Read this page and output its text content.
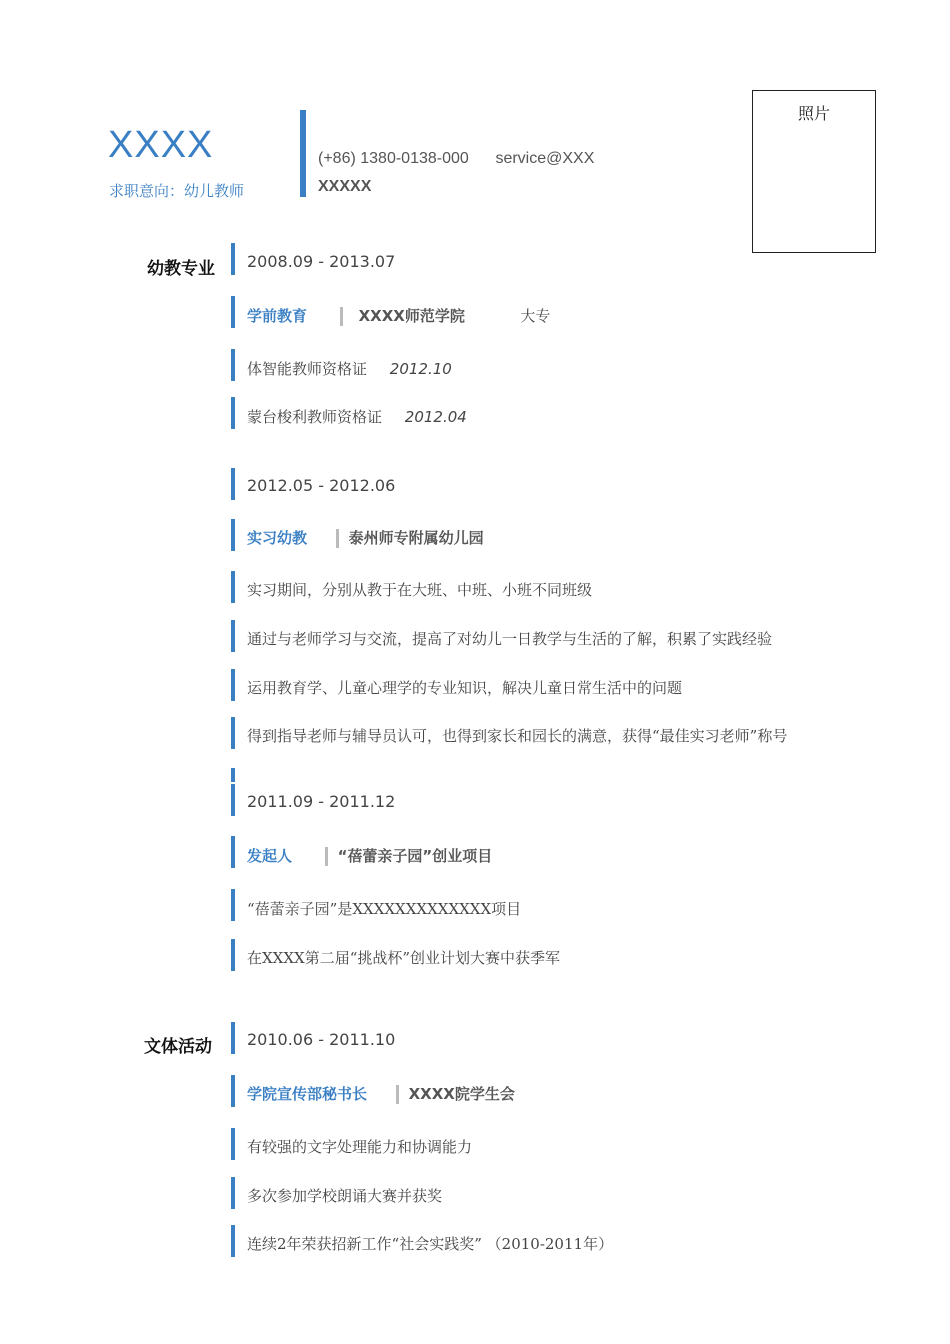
XXXX
求职意向：幼儿教师
(+86) 1380-0138-000 service@XXX
XXXXX
照片
幼教专业
文体活动
2008.09 - 2013.07
学前教育	XXXX师范学院	大专
体智能教师资格证 2012.10
蒙台梭利教师资格证 2012.04
2012.05 - 2012.06
实习幼教	泰州师专附属幼儿园
实习期间，分别从教于在大班、中班、小班不同班级
通过与老师学习与交流，提高了对幼儿一日教学与生活的了解，积累了实践经验
运用教育学、儿童心理学的专业知识，解决儿童日常生活中的问题
得到指导老师与辅导员认可，也得到家长和园长的满意，获得“最佳实习老师”称号
2011.09 - 2011.12
发起人	“蓓蕾亲子园”创业项目
“蓓蕾亲子园”是XXXXXXXXXXXXX项目
在XXXX第二届“挑战杯”创业计划大赛中获季军
2010.06 - 2011.10
学院宣传部秘书长	XXXX院学生会
有较强的文字处理能力和协调能力
多次参加学校朗诵大赛并获奖
连续2年荣获招新工作“社会实践奖” （2010-2011年）
